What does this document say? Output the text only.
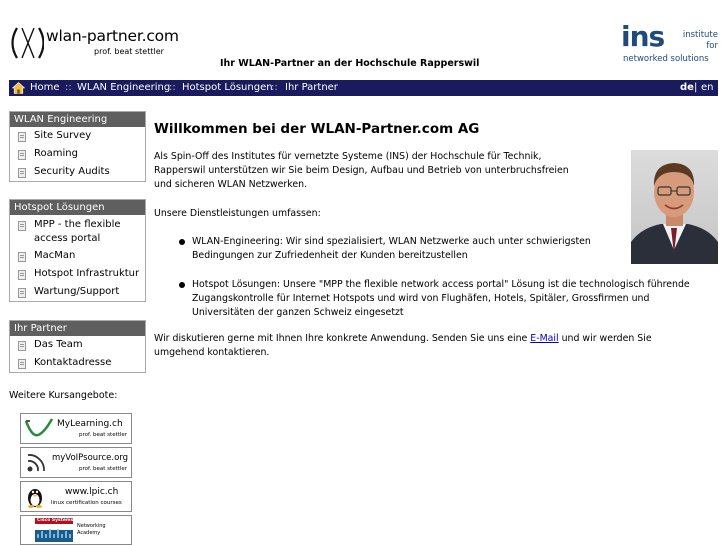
wlan-partner.com
prof. beat stettler
Ihr WLAN-Partner an der Hochschule Rapperswil
ins institute
for
networked solutions
Home :: WLAN Engineering
:: Hotspot Lösungen
:: Ihr Partner	de | en
WLAN Engineering
Site Survey
Roaming
Security Audits
Hotspot Lösungen
MPP - the flexible access portal
MacMan
Hotspot Infrastruktur
Wartung/Support
Ihr Partner
Das Team
Kontaktadresse
Weitere Kursangebote:
MyLearning.ch
prof. beat stettler
myVoIPsource.org
prof. beat stettler
www.lpic.ch
linux certification courses
Cisco Systems
Networking Academy
Willkommen bei der WLAN-Partner.com AG
Als Spin-Off des Institutes für vernetzte Systeme (INS) der Hochschule für Technik, Rapperswil unterstützen wir Sie beim Design, Aufbau und Betrieb von unterbruchsfreien und sicheren WLAN Netzwerken.
Unsere Dienstleistungen umfassen:
WLAN-Engineering: Wir sind spezialisiert, WLAN Netzwerke auch unter schwierigsten Bedingungen zur Zufriedenheit der Kunden bereitzustellen
Hotspot Lösungen: Unsere "MPP the flexible network access portal" Lösung ist die technologisch führende Zugangskontrolle für Internet Hotspots und wird von Flughäfen, Hotels, Spitäler, Grossfirmen und Universitäten der ganzen Schweiz eingesetzt
Wir diskutieren gerne mit Ihnen Ihre konkrete Anwendung. Senden Sie uns eine E-Mail und wir werden Sie umgehend kontaktieren.
